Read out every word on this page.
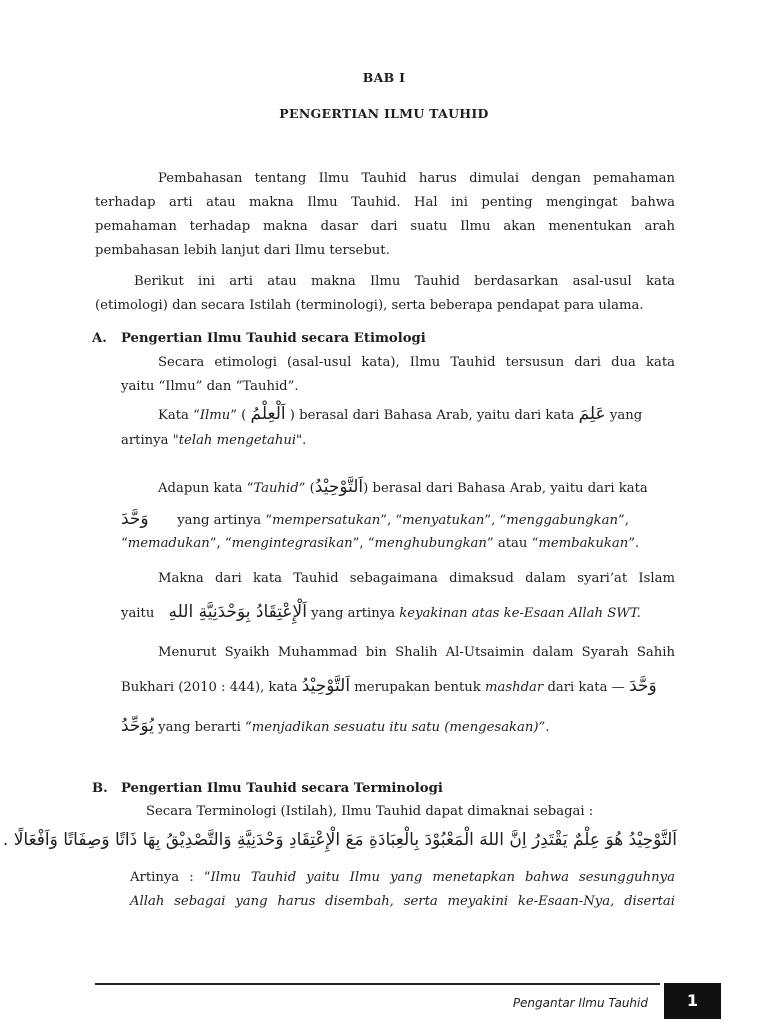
BAB I
PENGERTIAN ILMU TAUHID
Pembahasan tentang Ilmu Tauhid harus dimulai dengan pemahaman
terhadap arti atau makna Ilmu Tauhid. Hal ini penting mengingat bahwa
pemahaman terhadap makna dasar dari suatu Ilmu akan menentukan arah
pembahasan lebih lanjut dari Ilmu tersebut.
Berikut ini arti atau makna Ilmu Tauhid berdasarkan asal-usul kata
(etimologi) dan secara Istilah (terminologi), serta beberapa pendapat para ulama.
A. Pengertian Ilmu Tauhid secara Etimologi
Secara etimologi (asal-usul kata), Ilmu Tauhid tersusun dari dua kata
yaitu “Ilmu” dan “Tauhid”.
Kata “Ilmu” ( اَلْعِلْمُ ) berasal dari Bahasa Arab, yaitu dari kata عَلِمَ yang
artinya "telah mengetahui".
Adapun kata “Tauhid” (اَلتَّوْحِيْدُ) berasal dari Bahasa Arab, yaitu dari kata
وَحَّدَ yang artinya “mempersatukan”, “menyatukan”, “menggabungkan”,
“memadukan”, “mengintegrasikan”, “menghubungkan” atau “membakukan”.
Makna dari kata Tauhid sebagaimana dimaksud dalam syari’at Islam
yaitu اَلْإِعْتِقَادُ بِوَحْدَنِيَّةِ اللهِ yang artinya keyakinan atas ke-Esaan Allah SWT.
Menurut Syaikh Muhammad bin Shalih Al-Utsaimin dalam Syarah Sahih
Bukhari (2010 : 444), kata اَلتَّوْحِيْدُ merupakan bentuk mashdar dari kata — وَحَّدَ
يُوَحِّدُ yang berarti “menjadikan sesuatu itu satu (mengesakan)”.
B. Pengertian Ilmu Tauhid secara Terminologi
Secara Terminologi (Istilah), Ilmu Tauhid dapat dimaknai sebagai :
اَلتَّوْحِيْدُ هُوَ عِلْمٌ يَقْتَدِرُ اِنَّ اللهَ الْمَعْبُوْدَ بِالْعِبَادَةِ مَعَ الْإِعْتِقَادِ وَحْدَنِيَّةِ وَالتَّصْدِيْقُ بِهَا ذَاتًا وَصِفَاتًا وَاَفْعَالًا .
Artinya : “Ilmu Tauhid yaitu Ilmu yang menetapkan bahwa sesungguhnya
Allah sebagai yang harus disembah, serta meyakini ke-Esaan-Nya, disertai
Pengantar Ilmu Tauhid	1
